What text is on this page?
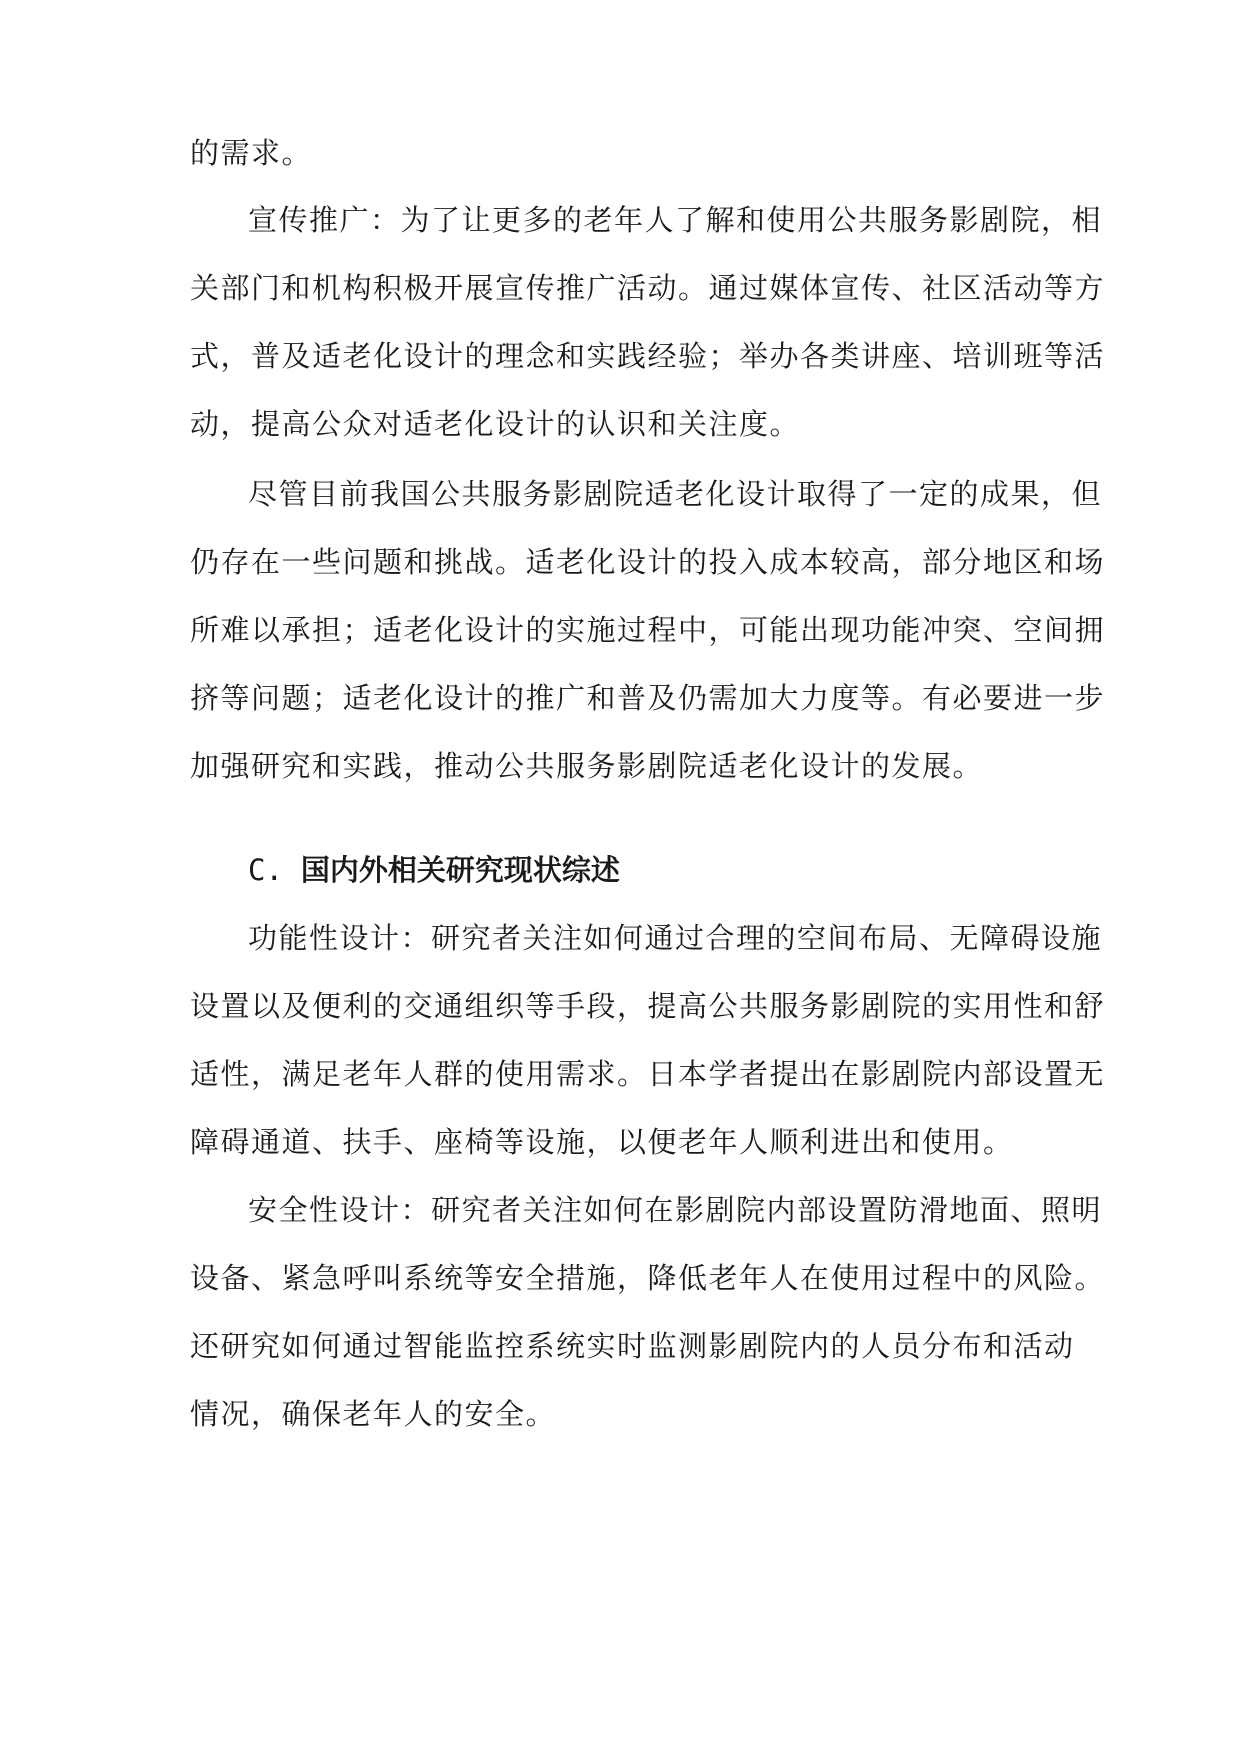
的需求。
宣传推广：为了让更多的老年人了解和使用公共服务影剧院，相
关部门和机构积极开展宣传推广活动。通过媒体宣传、社区活动等方
式，普及适老化设计的理念和实践经验；举办各类讲座、培训班等活
动，提高公众对适老化设计的认识和关注度。
尽管目前我国公共服务影剧院适老化设计取得了一定的成果，但
仍存在一些问题和挑战。适老化设计的投入成本较高，部分地区和场
所难以承担；适老化设计的实施过程中，可能出现功能冲突、空间拥
挤等问题；适老化设计的推广和普及仍需加大力度等。有必要进一步
加强研究和实践，推动公共服务影剧院适老化设计的发展。
C. 国内外相关研究现状综述
功能性设计：研究者关注如何通过合理的空间布局、无障碍设施
设置以及便利的交通组织等手段，提高公共服务影剧院的实用性和舒
适性，满足老年人群的使用需求。日本学者提出在影剧院内部设置无
障碍通道、扶手、座椅等设施，以便老年人顺利进出和使用。
安全性设计：研究者关注如何在影剧院内部设置防滑地面、照明
设备、紧急呼叫系统等安全措施，降低老年人在使用过程中的风险。
还研究如何通过智能监控系统实时监测影剧院内的人员分布和活动
情况，确保老年人的安全。
